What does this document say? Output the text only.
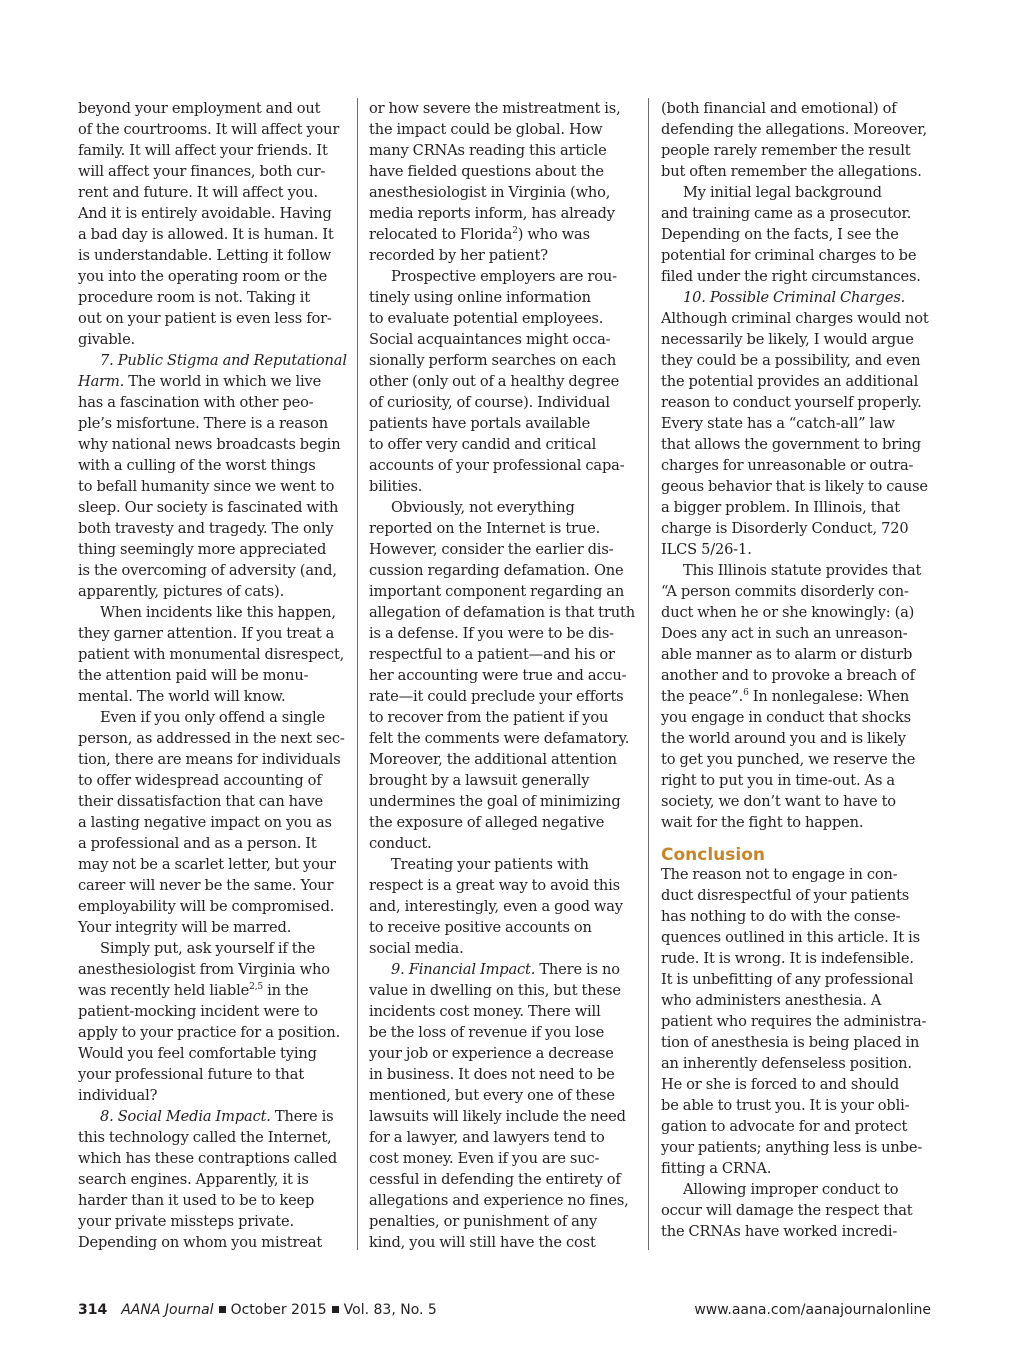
beyond your employment and out
of the courtrooms. It will affect your
family. It will affect your friends. It
will affect your finances, both cur-
rent and future. It will affect you.
And it is entirely avoidable. Having
a bad day is allowed. It is human. It
is understandable. Letting it follow
you into the operating room or the
procedure room is not. Taking it
out on your patient is even less for-
givable.
7. Public Stigma and Reputational
Harm. The world in which we live
has a fascination with other peo-
ple’s misfortune. There is a reason
why national news broadcasts begin
with a culling of the worst things
to befall humanity since we went to
sleep. Our society is fascinated with
both travesty and tragedy. The only
thing seemingly more appreciated
is the overcoming of adversity (and,
apparently, pictures of cats).
When incidents like this happen,
they garner attention. If you treat a
patient with monumental disrespect,
the attention paid will be monu-
mental. The world will know.
Even if you only offend a single
person, as addressed in the next sec-
tion, there are means for individuals
to offer widespread accounting of
their dissatisfaction that can have
a lasting negative impact on you as
a professional and as a person. It
may not be a scarlet letter, but your
career will never be the same. Your
employability will be compromised.
Your integrity will be marred.
Simply put, ask yourself if the
anesthesiologist from Virginia who
was recently held liable$^{2,5}$ in the
patient-mocking incident were to
apply to your practice for a position.
Would you feel comfortable tying
your professional future to that
individual?
8. Social Media Impact. There is
this technology called the Internet,
which has these contraptions called
search engines. Apparently, it is
harder than it used to be to keep
your private missteps private.
Depending on whom you mistreat
or how severe the mistreatment is,
the impact could be global. How
many CRNAs reading this article
have fielded questions about the
anesthesiologist in Virginia (who,
media reports inform, has already
relocated to Florida$^2$) who was
recorded by her patient?
Prospective employers are rou-
tinely using online information
to evaluate potential employees.
Social acquaintances might occa-
sionally perform searches on each
other (only out of a healthy degree
of curiosity, of course). Individual
patients have portals available
to offer very candid and critical
accounts of your professional capa-
bilities.
Obviously, not everything
reported on the Internet is true.
However, consider the earlier dis-
cussion regarding defamation. One
important component regarding an
allegation of defamation is that truth
is a defense. If you were to be dis-
respectful to a patient—and his or
her accounting were true and accu-
rate—it could preclude your efforts
to recover from the patient if you
felt the comments were defamatory.
Moreover, the additional attention
brought by a lawsuit generally
undermines the goal of minimizing
the exposure of alleged negative
conduct.
Treating your patients with
respect is a great way to avoid this
and, interestingly, even a good way
to receive positive accounts on
social media.
9. Financial Impact. There is no
value in dwelling on this, but these
incidents cost money. There will
be the loss of revenue if you lose
your job or experience a decrease
in business. It does not need to be
mentioned, but every one of these
lawsuits will likely include the need
for a lawyer, and lawyers tend to
cost money. Even if you are suc-
cessful in defending the entirety of
allegations and experience no fines,
penalties, or punishment of any
kind, you will still have the cost
(both financial and emotional) of
defending the allegations. Moreover,
people rarely remember the result
but often remember the allegations.
My initial legal background
and training came as a prosecutor.
Depending on the facts, I see the
potential for criminal charges to be
filed under the right circumstances.
10. Possible Criminal Charges.
Although criminal charges would not
necessarily be likely, I would argue
they could be a possibility, and even
the potential provides an additional
reason to conduct yourself properly.
Every state has a “catch-all” law
that allows the government to bring
charges for unreasonable or outra-
geous behavior that is likely to cause
a bigger problem. In Illinois, that
charge is Disorderly Conduct, 720
ILCS 5/26-1.
This Illinois statute provides that
“A person commits disorderly con-
duct when he or she knowingly: (a)
Does any act in such an unreason-
able manner as to alarm or disturb
another and to provoke a breach of
the peace”.$^6$ In nonlegalese: When
you engage in conduct that shocks
the world around you and is likely
to get you punched, we reserve the
right to put you in time-out. As a
society, we don’t want to have to
wait for the fight to happen.
Conclusion
The reason not to engage in con-
duct disrespectful of your patients
has nothing to do with the conse-
quences outlined in this article. It is
rude. It is wrong. It is indefensible.
It is unbefitting of any professional
who administers anesthesia. A
patient who requires the administra-
tion of anesthesia is being placed in
an inherently defenseless position.
He or she is forced to and should
be able to trust you. It is your obli-
gation to advocate for and protect
your patients; anything less is unbe-
fitting a CRNA.
Allowing improper conduct to
occur will damage the respect that
the CRNAs have worked incredi-
314 AANA Journal October 2015 Vol. 83, No. 5	www.aana.com/aanajournalonline
